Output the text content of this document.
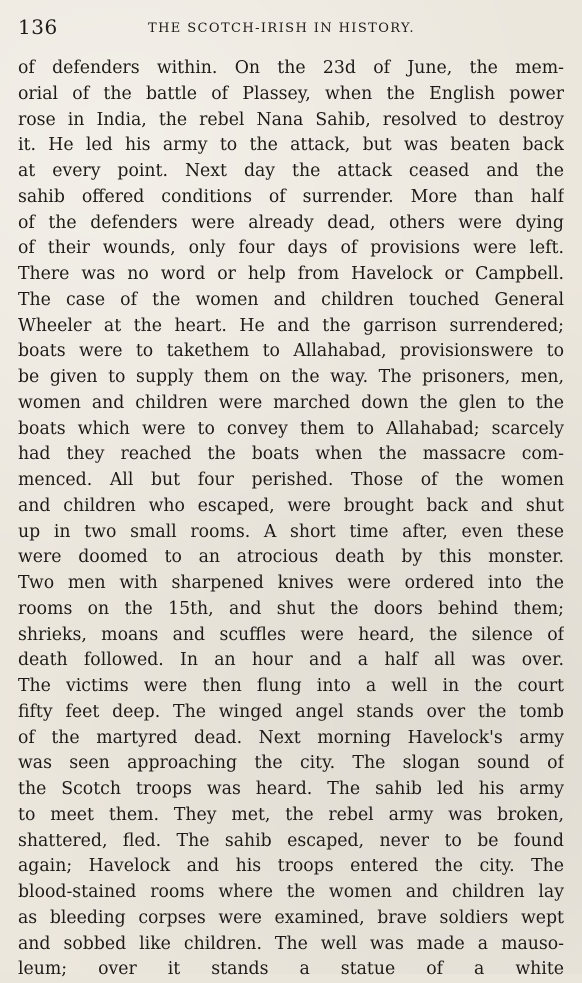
136	THE SCOTCH-IRISH IN HISTORY.
of defenders within. On the 23d of June, the mem-
orial of the battle of Plassey, when the English power
rose in India, the rebel Nana Sahib, resolved to destroy
it. He led his army to the attack, but was beaten back
at every point. Next day the attack ceased and the
sahib offered conditions of surrender. More than half
of the defenders were already dead, others were dying
of their wounds, only four days of provisions were left.
There was no word or help from Havelock or Campbell.
The case of the women and children touched General
Wheeler at the heart. He and the garrison surrendered;
boats were to takethem to Allahabad, provisionswere to
be given to supply them on the way. The prisoners, men,
women and children were marched down the glen to the
boats which were to convey them to Allahabad; scarcely
had they reached the boats when the massacre com-
menced. All but four perished. Those of the women
and children who escaped, were brought back and shut
up in two small rooms. A short time after, even these
were doomed to an atrocious death by this monster.
Two men with sharpened knives were ordered into the
rooms on the 15th, and shut the doors behind them;
shrieks, moans and scuffles were heard, the silence of
death followed. In an hour and a half all was over.
The victims were then flung into a well in the court
fifty feet deep. The winged angel stands over the tomb
of the martyred dead. Next morning Havelock's army
was seen approaching the city. The slogan sound of
the Scotch troops was heard. The sahib led his army
to meet them. They met, the rebel army was broken,
shattered, fled. The sahib escaped, never to be found
again; Havelock and his troops entered the city. The
blood-stained rooms where the women and children lay
as bleeding corpses were examined, brave soldiers wept
and sobbed like children. The well was made a mauso-
leum; over it stands a statue of a white
